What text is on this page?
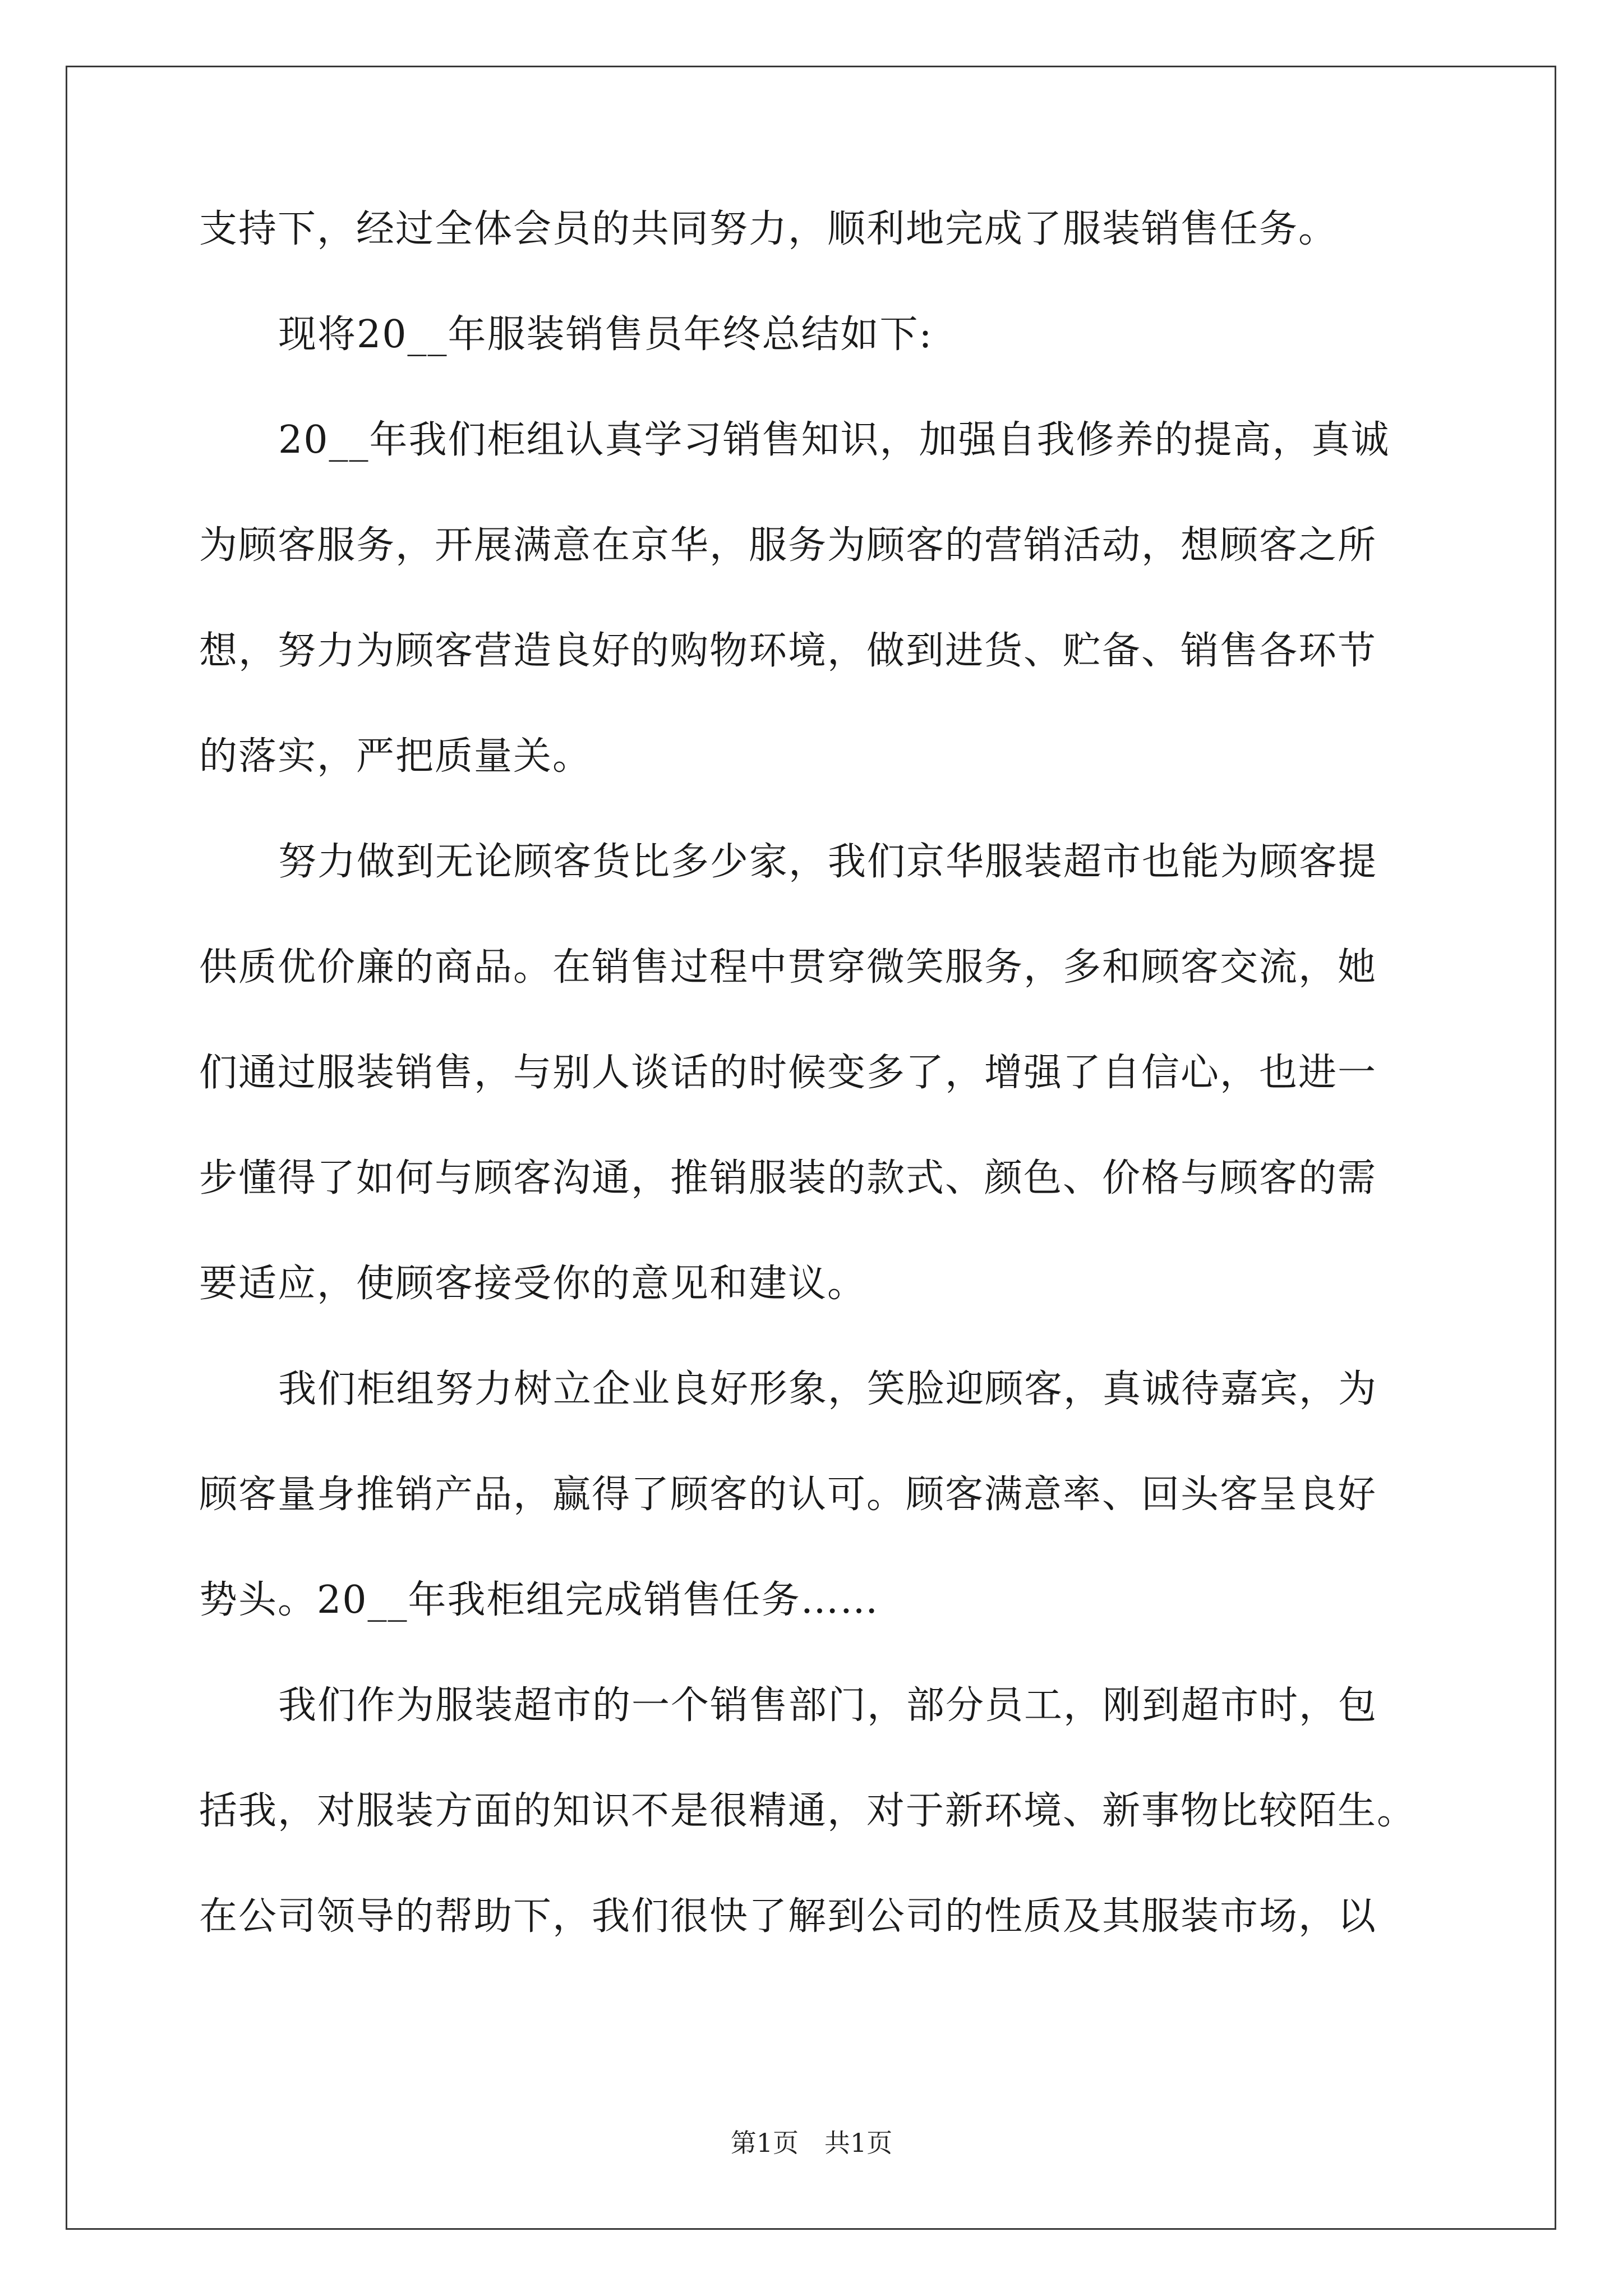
支持下，经过全体会员的共同努力，顺利地完成了服装销售任务。
现将20__年服装销售员年终总结如下:
20__年我们柜组认真学习销售知识，加强自我修养的提高，真诚
为顾客服务，开展满意在京华，服务为顾客的营销活动，想顾客之所
想，努力为顾客营造良好的购物环境，做到进货、贮备、销售各环节
的落实，严把质量关。
努力做到无论顾客货比多少家，我们京华服装超市也能为顾客提
供质优价廉的商品。在销售过程中贯穿微笑服务，多和顾客交流，她
们通过服装销售，与别人谈话的时候变多了，增强了自信心，也进一
步懂得了如何与顾客沟通，推销服装的款式、颜色、价格与顾客的需
要适应，使顾客接受你的意见和建议。
我们柜组努力树立企业良好形象，笑脸迎顾客，真诚待嘉宾，为
顾客量身推销产品，赢得了顾客的认可。顾客满意率、回头客呈良好
势头。20__年我柜组完成销售任务……
我们作为服装超市的一个销售部门，部分员工，刚到超市时，包
括我，对服装方面的知识不是很精通，对于新环境、新事物比较陌生。
在公司领导的帮助下，我们很快了解到公司的性质及其服装市场，以
第1页　共1页
